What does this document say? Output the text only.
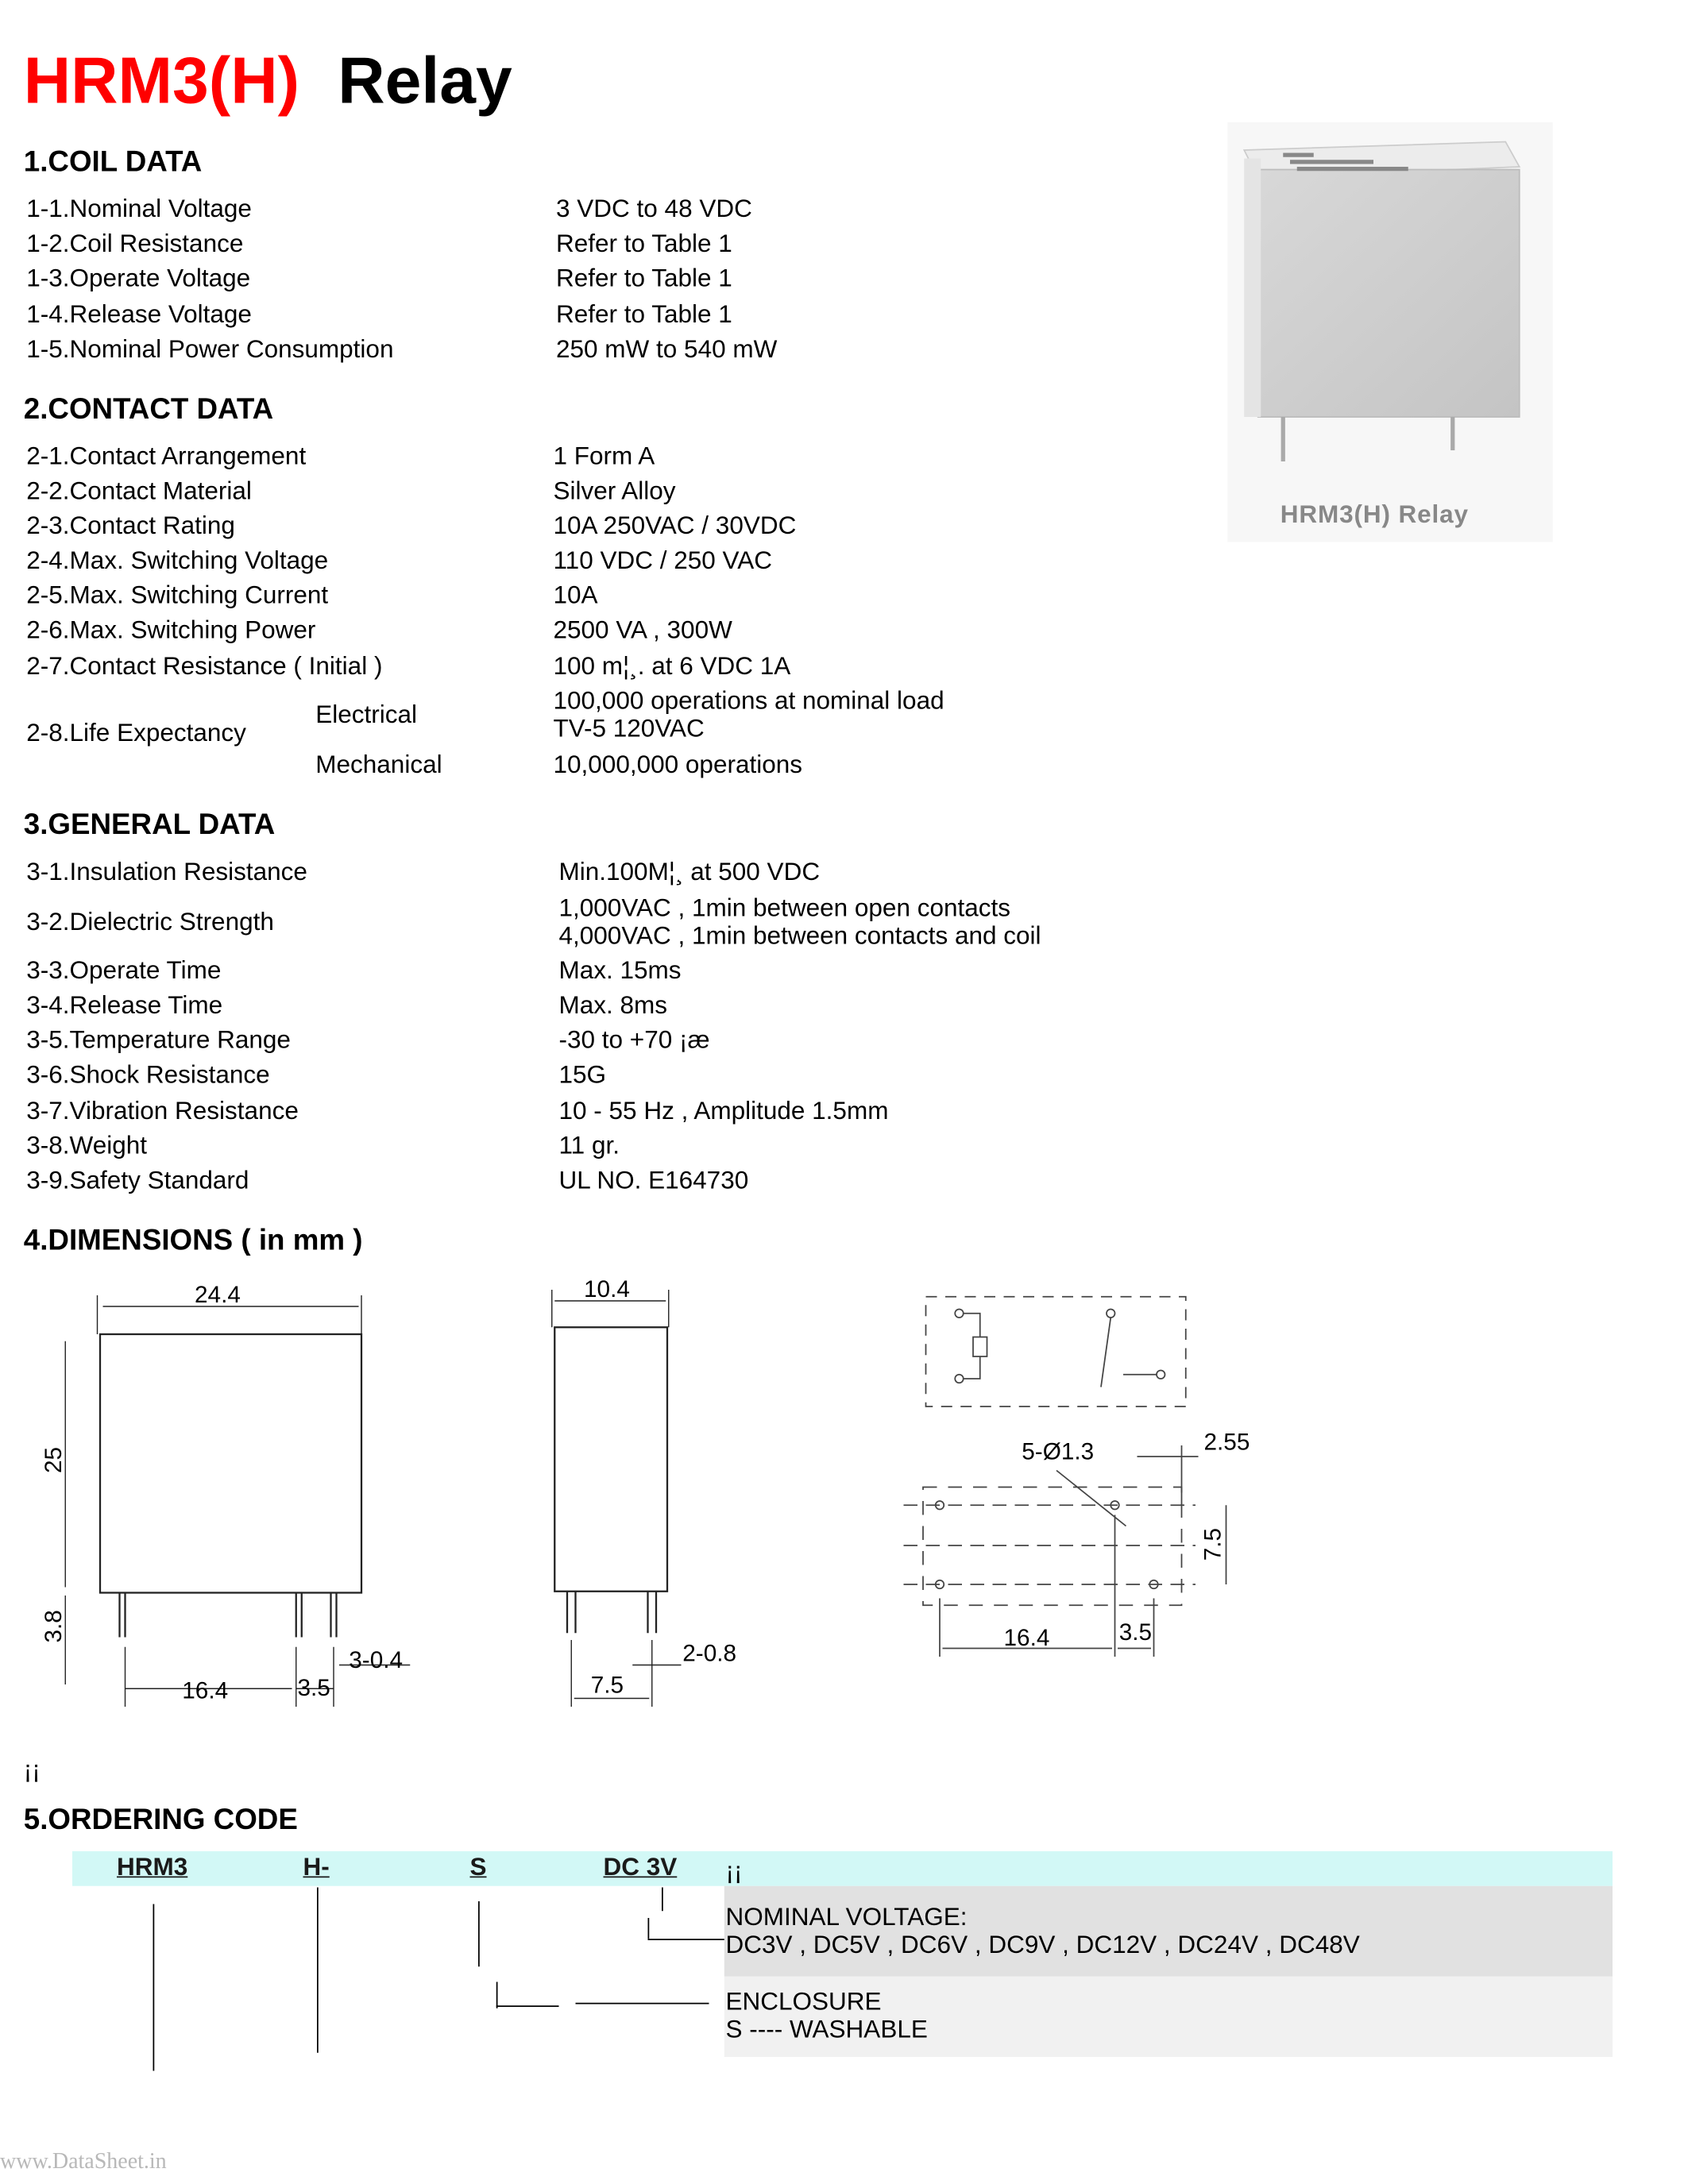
HRM3(H) Relay
HRM3(H) Relay
1.COIL DATA
1-1.Nominal Voltage	3 VDC to 48 VDC
1-2.Coil Resistance	Refer to Table 1
1-3.Operate Voltage	Refer to Table 1
1-4.Release Voltage	Refer to Table 1
1-5.Nominal Power Consumption	250 mW to 540 mW
2.CONTACT DATA
2-1.Contact Arrangement	1 Form A
2-2.Contact Material	Silver Alloy
2-3.Contact Rating	10A 250VAC / 30VDC
2-4.Max. Switching Voltage	110 VDC / 250 VAC
2-5.Max. Switching Current	10A
2-6.Max. Switching Power	2500 VA , 300W
2-7.Contact Resistance ( Initial )	100 m¦¸. at 6 VDC 1A
2-8.Life Expectancy
Electrical	100,000 operations at nominal load
TV-5 120VAC
Mechanical	10,000,000 operations
3.GENERAL DATA
3-1.Insulation Resistance	Min.100M¦¸ at 500 VDC
3-2.Dielectric Strength	1,000VAC , 1min between open contacts
4,000VAC , 1min between contacts and coil
3-3.Operate Time	Max. 15ms
3-4.Release Time	Max. 8ms
3-5.Temperature Range	-30 to +70 ¡æ
3-6.Shock Resistance	15G
3-7.Vibration Resistance	10 - 55 Hz , Amplitude 1.5mm
3-8.Weight	11 gr.
3-9.Safety Standard	UL NO. E164730
4.DIMENSIONS ( in mm )
24.4
25
3.8
16.4	3.5
3-0.4
10.4
7.5
2-0.8
5-Ø1.3	2.55
7.5
16.4	3.5
¡¡
5.ORDERING CODE
HRM3	H-	S	DC 3V	¡¡
NOMINAL VOLTAGE:
DC3V , DC5V , DC6V , DC9V , DC12V , DC24V , DC48V
ENCLOSURE
S ---- WASHABLE
www.DataSheet.in
